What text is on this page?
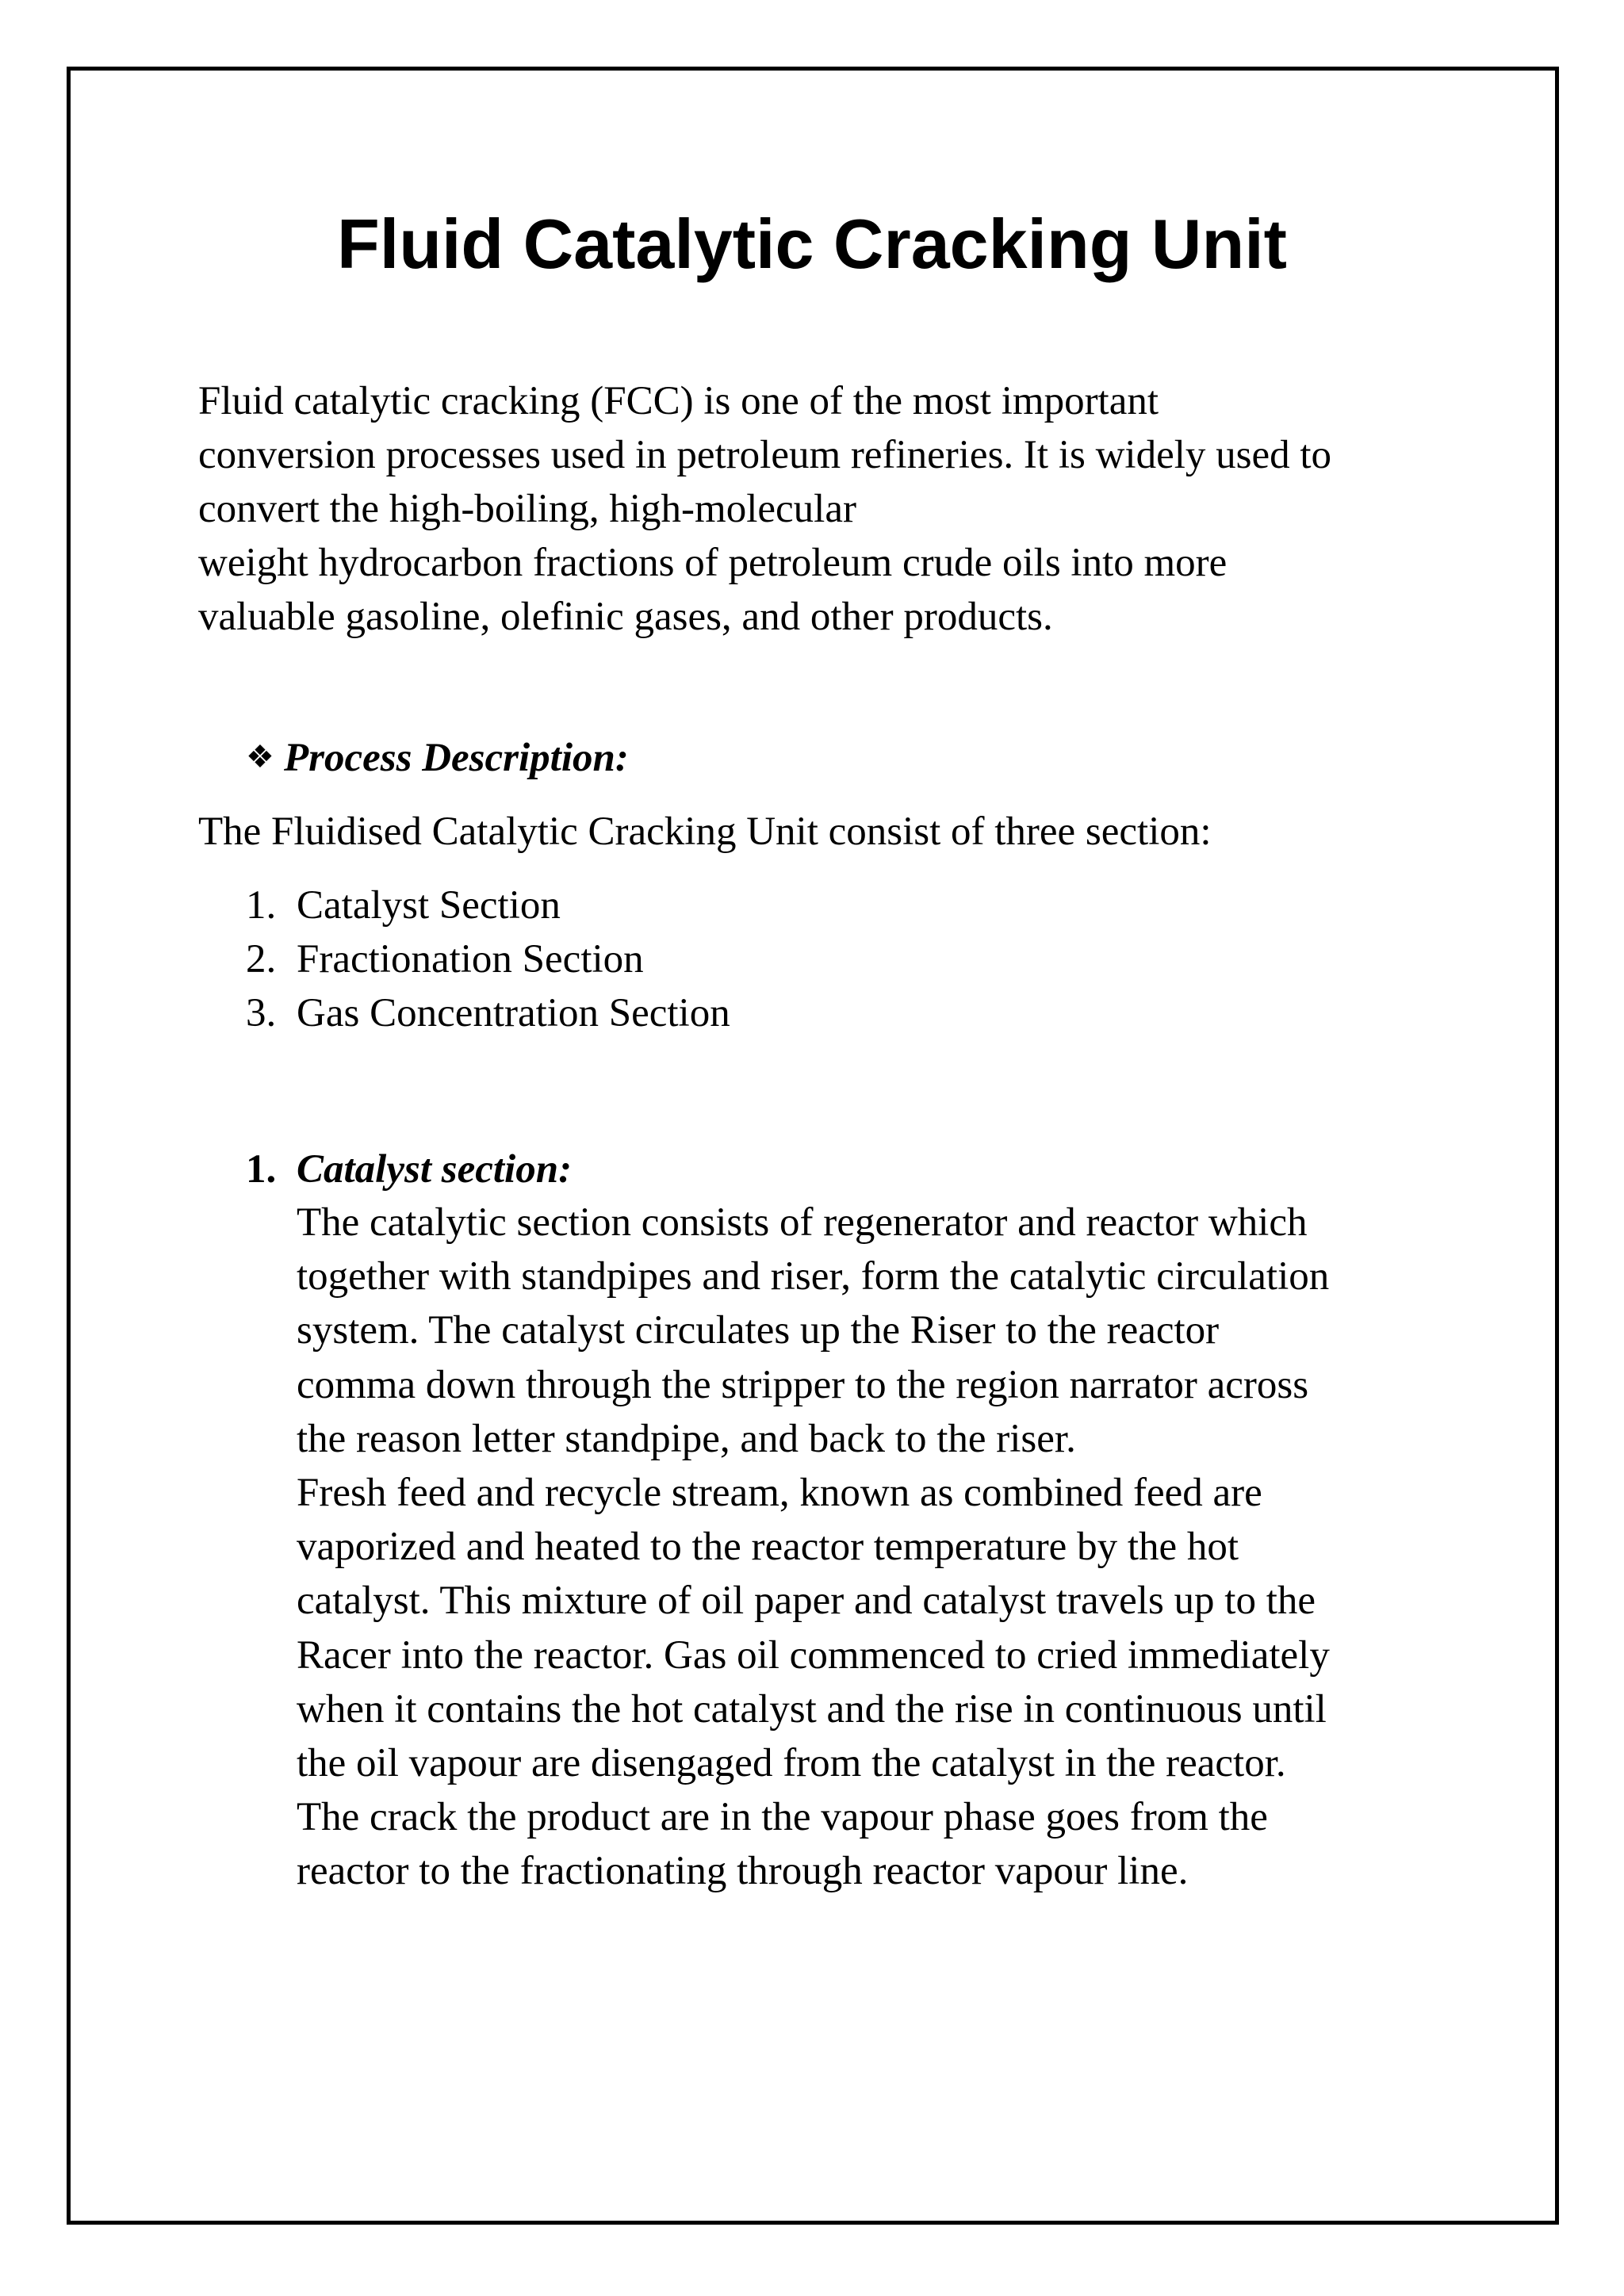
Fluid Catalytic Cracking Unit

Fluid catalytic cracking (FCC) is one of the most important
conversion processes used in petroleum refineries. It is widely used to
convert the high-boiling, high-molecular
weight hydrocarbon fractions of petroleum crude oils into more
valuable gasoline, olefinic gases, and other products.

❖ Process Description:
The Fluidised Catalytic Cracking Unit consist of three section:
1. Catalyst Section
2. Fractionation Section
3. Gas Concentration Section
1. Catalyst section:
The catalytic section consists of regenerator and reactor which
together with standpipes and riser, form the catalytic circulation
system. The catalyst circulates up the Riser to the reactor
comma down through the stripper to the region narrator across
the reason letter standpipe, and back to the riser.
Fresh feed and recycle stream, known as combined feed are
vaporized and heated to the reactor temperature by the hot
catalyst. This mixture of oil paper and catalyst travels up to the
Racer into the reactor. Gas oil commenced to cried immediately
when it contains the hot catalyst and the rise in continuous until
the oil vapour are disengaged from the catalyst in the reactor.
The crack the product are in the vapour phase goes from the
reactor to the fractionating through reactor vapour line.
